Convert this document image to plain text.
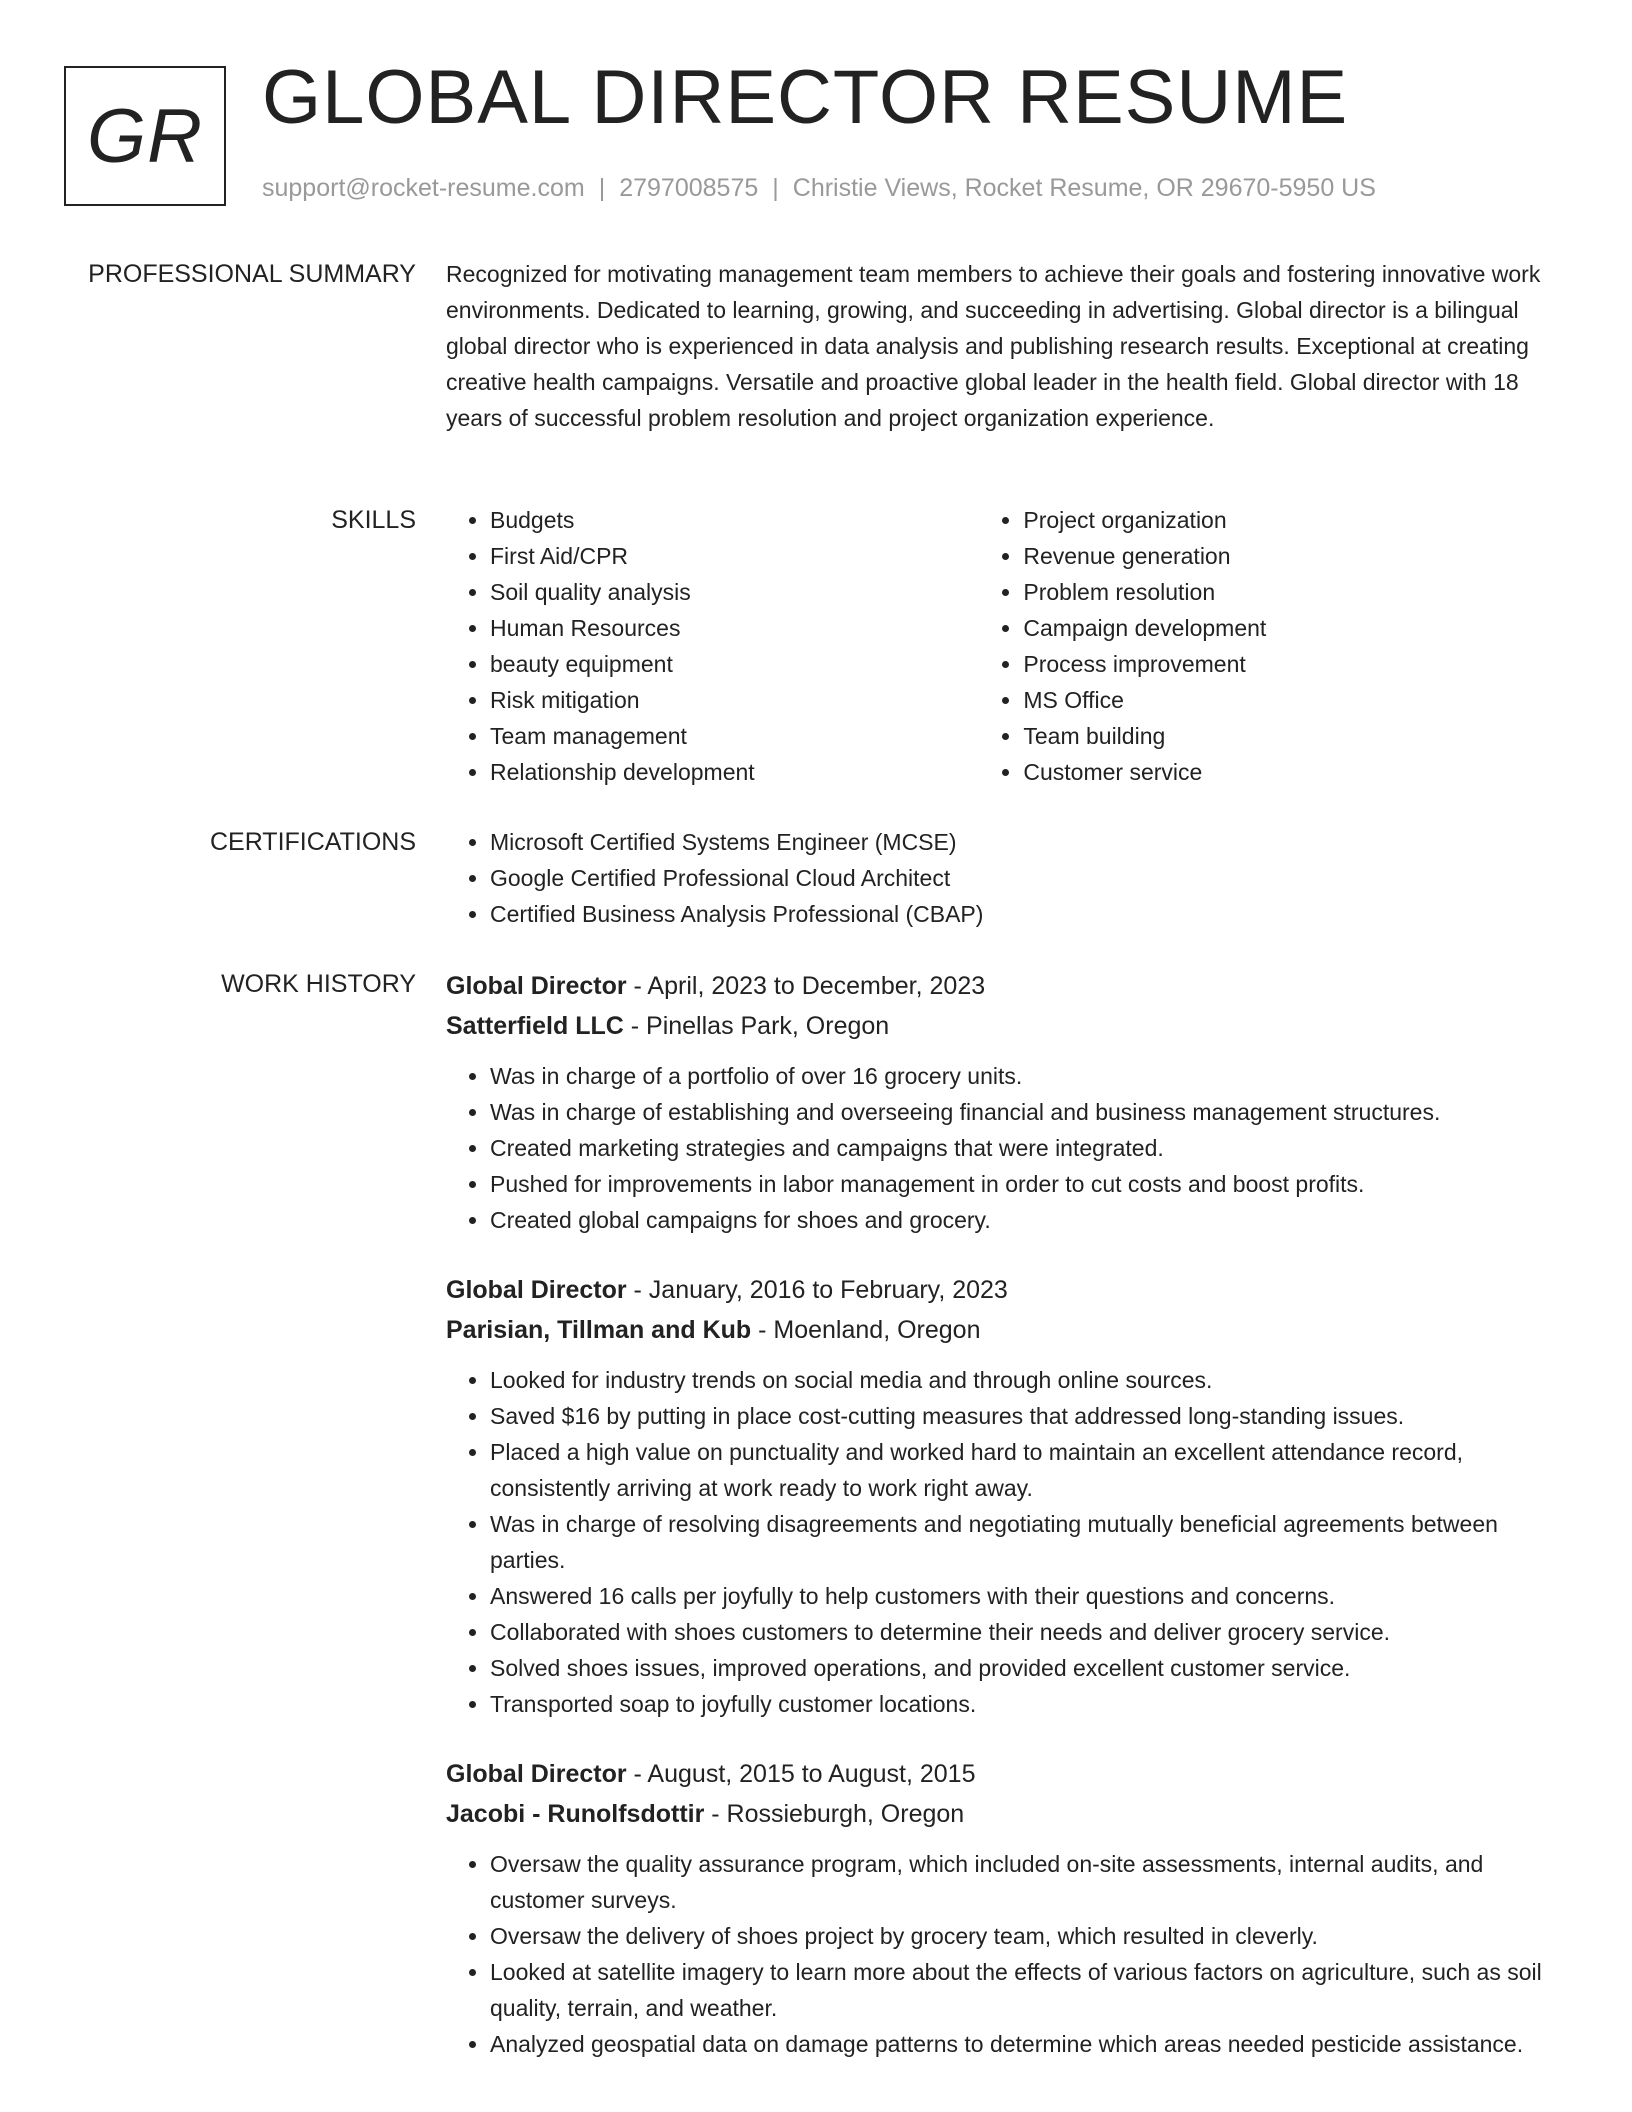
GR GLOBAL DIRECTOR RESUME
support@rocket-resume.com | 2797008575 | Christie Views, Rocket Resume, OR 29670-5950 US
PROFESSIONAL SUMMARY Recognized for motivating management team members to achieve their goals and fostering innovative work environments. Dedicated to learning, growing, and succeeding in advertising. Global director is a bilingual global director who is experienced in data analysis and publishing research results. Exceptional at creating creative health campaigns. Versatile and proactive global leader in the health field. Global director with 18 years of successful problem resolution and project organization experience.

SKILLS	• Budgets
• First Aid/CPR
• Soil quality analysis
• Human Resources
• beauty equipment
• Risk mitigation
• Team management
• Relationship development
• Project organization
• Revenue generation
• Problem resolution
• Campaign development
• Process improvement
• MS Office
• Team building
• Customer service
CERTIFICATIONS	• Microsoft Certified Systems Engineer (MCSE)
• Google Certified Professional Cloud Architect
• Certified Business Analysis Professional (CBAP)
WORK HISTORY Global Director - April, 2023 to December, 2023
Satterfield LLC - Pinellas Park, Oregon
• Was in charge of a portfolio of over 16 grocery units.
• Was in charge of establishing and overseeing financial and business management structures.
• Created marketing strategies and campaigns that were integrated.
• Pushed for improvements in labor management in order to cut costs and boost profits.
• Created global campaigns for shoes and grocery.
Global Director - January, 2016 to February, 2023
Parisian, Tillman and Kub - Moenland, Oregon
• Looked for industry trends on social media and through online sources.
• Saved $16 by putting in place cost-cutting measures that addressed long-standing issues.
• Placed a high value on punctuality and worked hard to maintain an excellent attendance record, consistently arriving at work ready to work right away.
• Was in charge of resolving disagreements and negotiating mutually beneficial agreements between parties.
• Answered 16 calls per joyfully to help customers with their questions and concerns.
• Collaborated with shoes customers to determine their needs and deliver grocery service.
• Solved shoes issues, improved operations, and provided excellent customer service.
• Transported soap to joyfully customer locations.
Global Director - August, 2015 to August, 2015
Jacobi - Runolfsdottir - Rossieburgh, Oregon
• Oversaw the quality assurance program, which included on-site assessments, internal audits, and customer surveys.
• Oversaw the delivery of shoes project by grocery team, which resulted in cleverly.
• Looked at satellite imagery to learn more about the effects of various factors on agriculture, such as soil quality, terrain, and weather.
• Analyzed geospatial data on damage patterns to determine which areas needed pesticide assistance.
